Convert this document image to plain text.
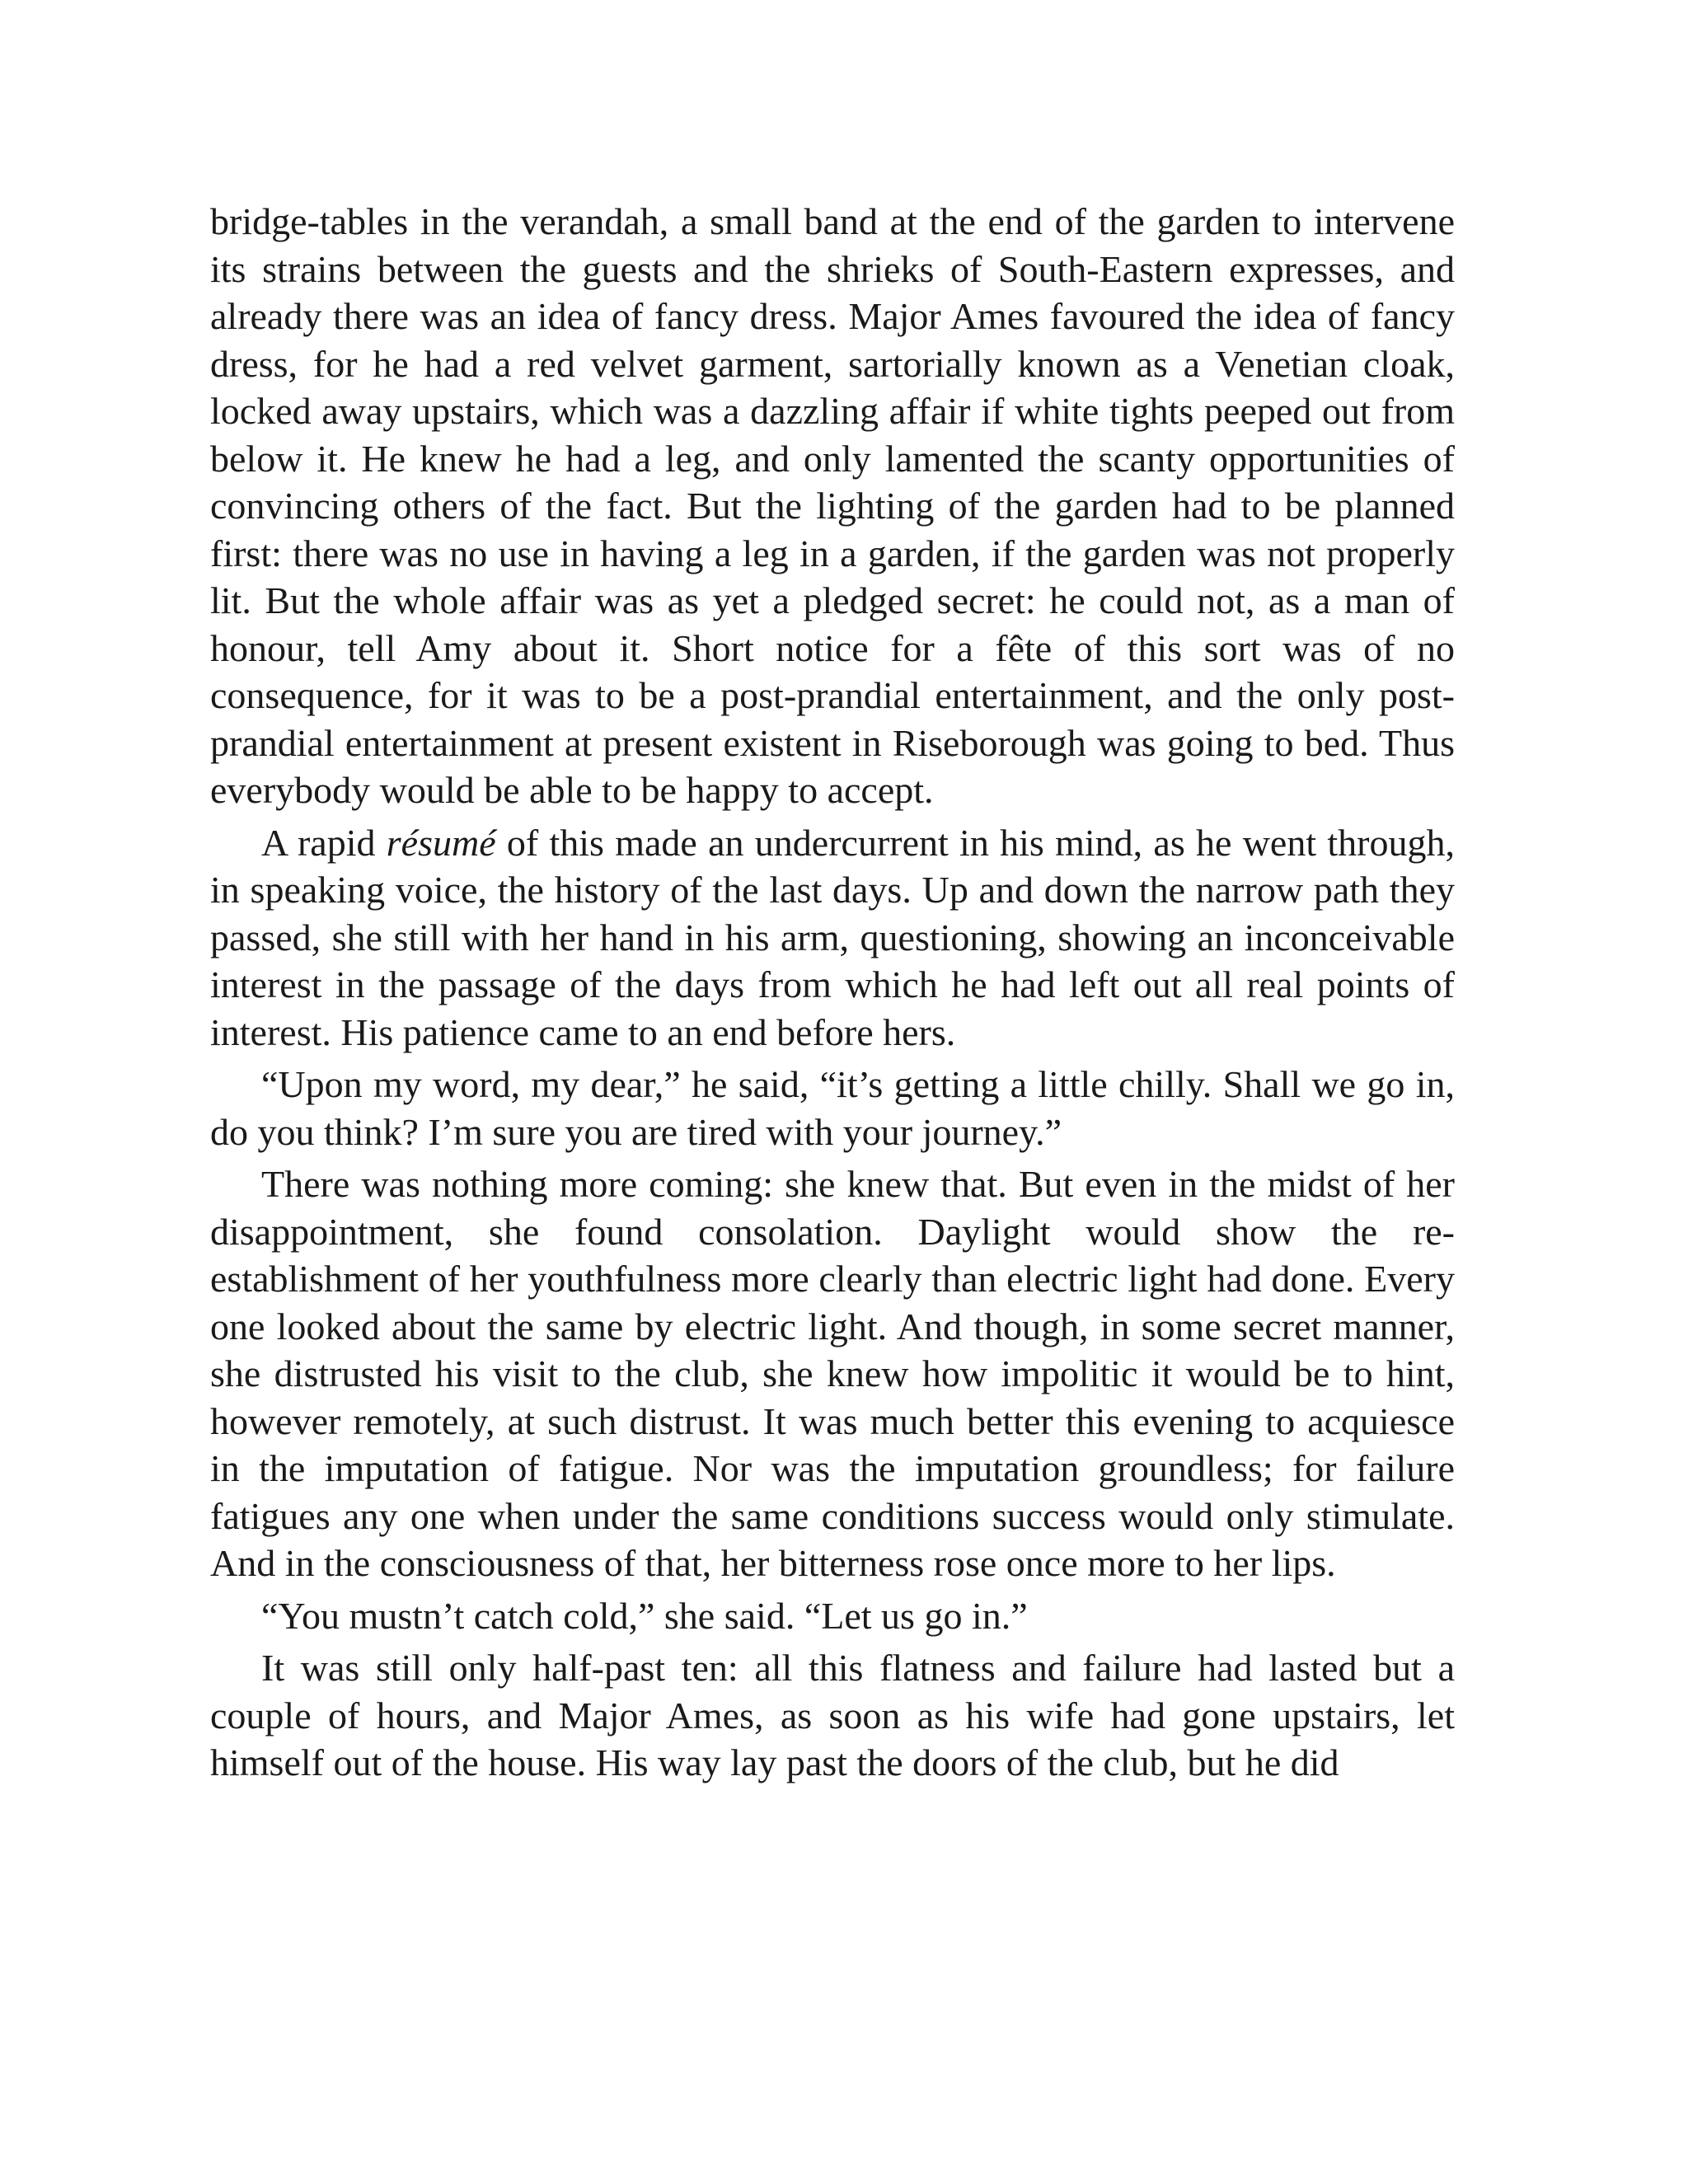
bridge-tables in the verandah, a small band at the end of the garden to intervene its strains between the guests and the shrieks of South-Eastern expresses, and already there was an idea of fancy dress. Major Ames favoured the idea of fancy dress, for he had a red velvet garment, sartorially known as a Venetian cloak, locked away upstairs, which was a dazzling affair if white tights peeped out from below it. He knew he had a leg, and only lamented the scanty opportunities of convincing others of the fact. But the lighting of the garden had to be planned first: there was no use in having a leg in a garden, if the garden was not properly lit. But the whole affair was as yet a pledged secret: he could not, as a man of honour, tell Amy about it. Short notice for a fête of this sort was of no consequence, for it was to be a post-prandial entertainment, and the only post-prandial entertainment at present existent in Riseborough was going to bed. Thus everybody would be able to be happy to accept.

A rapid résumé of this made an undercurrent in his mind, as he went through, in speaking voice, the history of the last days. Up and down the narrow path they passed, she still with her hand in his arm, questioning, showing an inconceivable interest in the passage of the days from which he had left out all real points of interest. His patience came to an end before hers.

“Upon my word, my dear,” he said, “it’s getting a little chilly. Shall we go in, do you think? I’m sure you are tired with your journey.”

There was nothing more coming: she knew that. But even in the midst of her disappointment, she found consolation. Daylight would show the re-establishment of her youthfulness more clearly than electric light had done. Every one looked about the same by electric light. And though, in some secret manner, she distrusted his visit to the club, she knew how impolitic it would be to hint, however remotely, at such distrust. It was much better this evening to acquiesce in the imputation of fatigue. Nor was the imputation groundless; for failure fatigues any one when under the same conditions success would only stimulate. And in the consciousness of that, her bitterness rose once more to her lips.

“You mustn’t catch cold,” she said. “Let us go in.”

It was still only half-past ten: all this flatness and failure had lasted but a couple of hours, and Major Ames, as soon as his wife had gone upstairs, let himself out of the house. His way lay past the doors of the club, but he did
